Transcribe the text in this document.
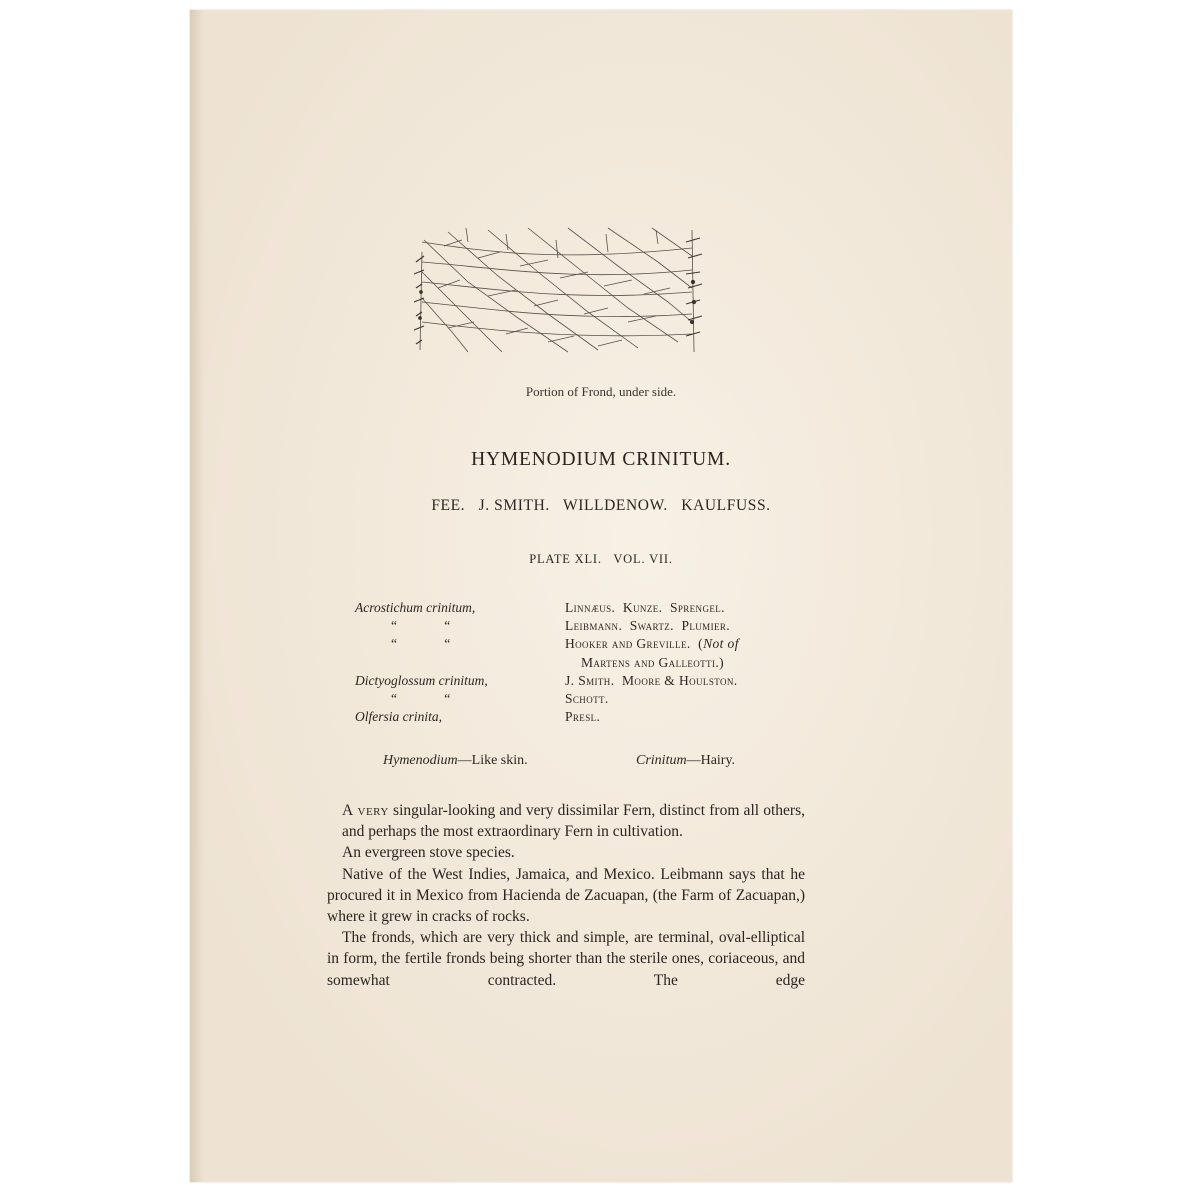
Portion of Frond, under side.
HYMENODIUM CRINITUM.
FEE.   J. SMITH.   WILLDENOW.   KAULFUSS.
PLATE XLI.   VOL. VII.
Acrostichum crinitum,
“              “
“              “
Dictyoglossum crinitum,
“              “
Olfersia crinita,
Linnæus.  Kunze.  Sprengel.
Leibmann.  Swartz.  Plumier.
Hooker and Greville.  (Not of
Martens and Galleotti.)
J. Smith.  Moore & Houlston.
Schott.
Presl.
Hymenodium—Like skin.	Crinitum—Hairy.

A very singular-looking and very dissimilar Fern, distinct from all others, and perhaps the most extraordinary Fern in cultivation.

An evergreen stove species.

Native of the West Indies, Jamaica, and Mexico. Leibmann says that he procured it in Mexico from Hacienda de Zacuapan, (the Farm of Zacuapan,) where it grew in cracks of rocks.

The fronds, which are very thick and simple, are terminal, oval-elliptical in form, the fertile fronds being shorter than the sterile ones, coriaceous, and somewhat contracted. The edge
